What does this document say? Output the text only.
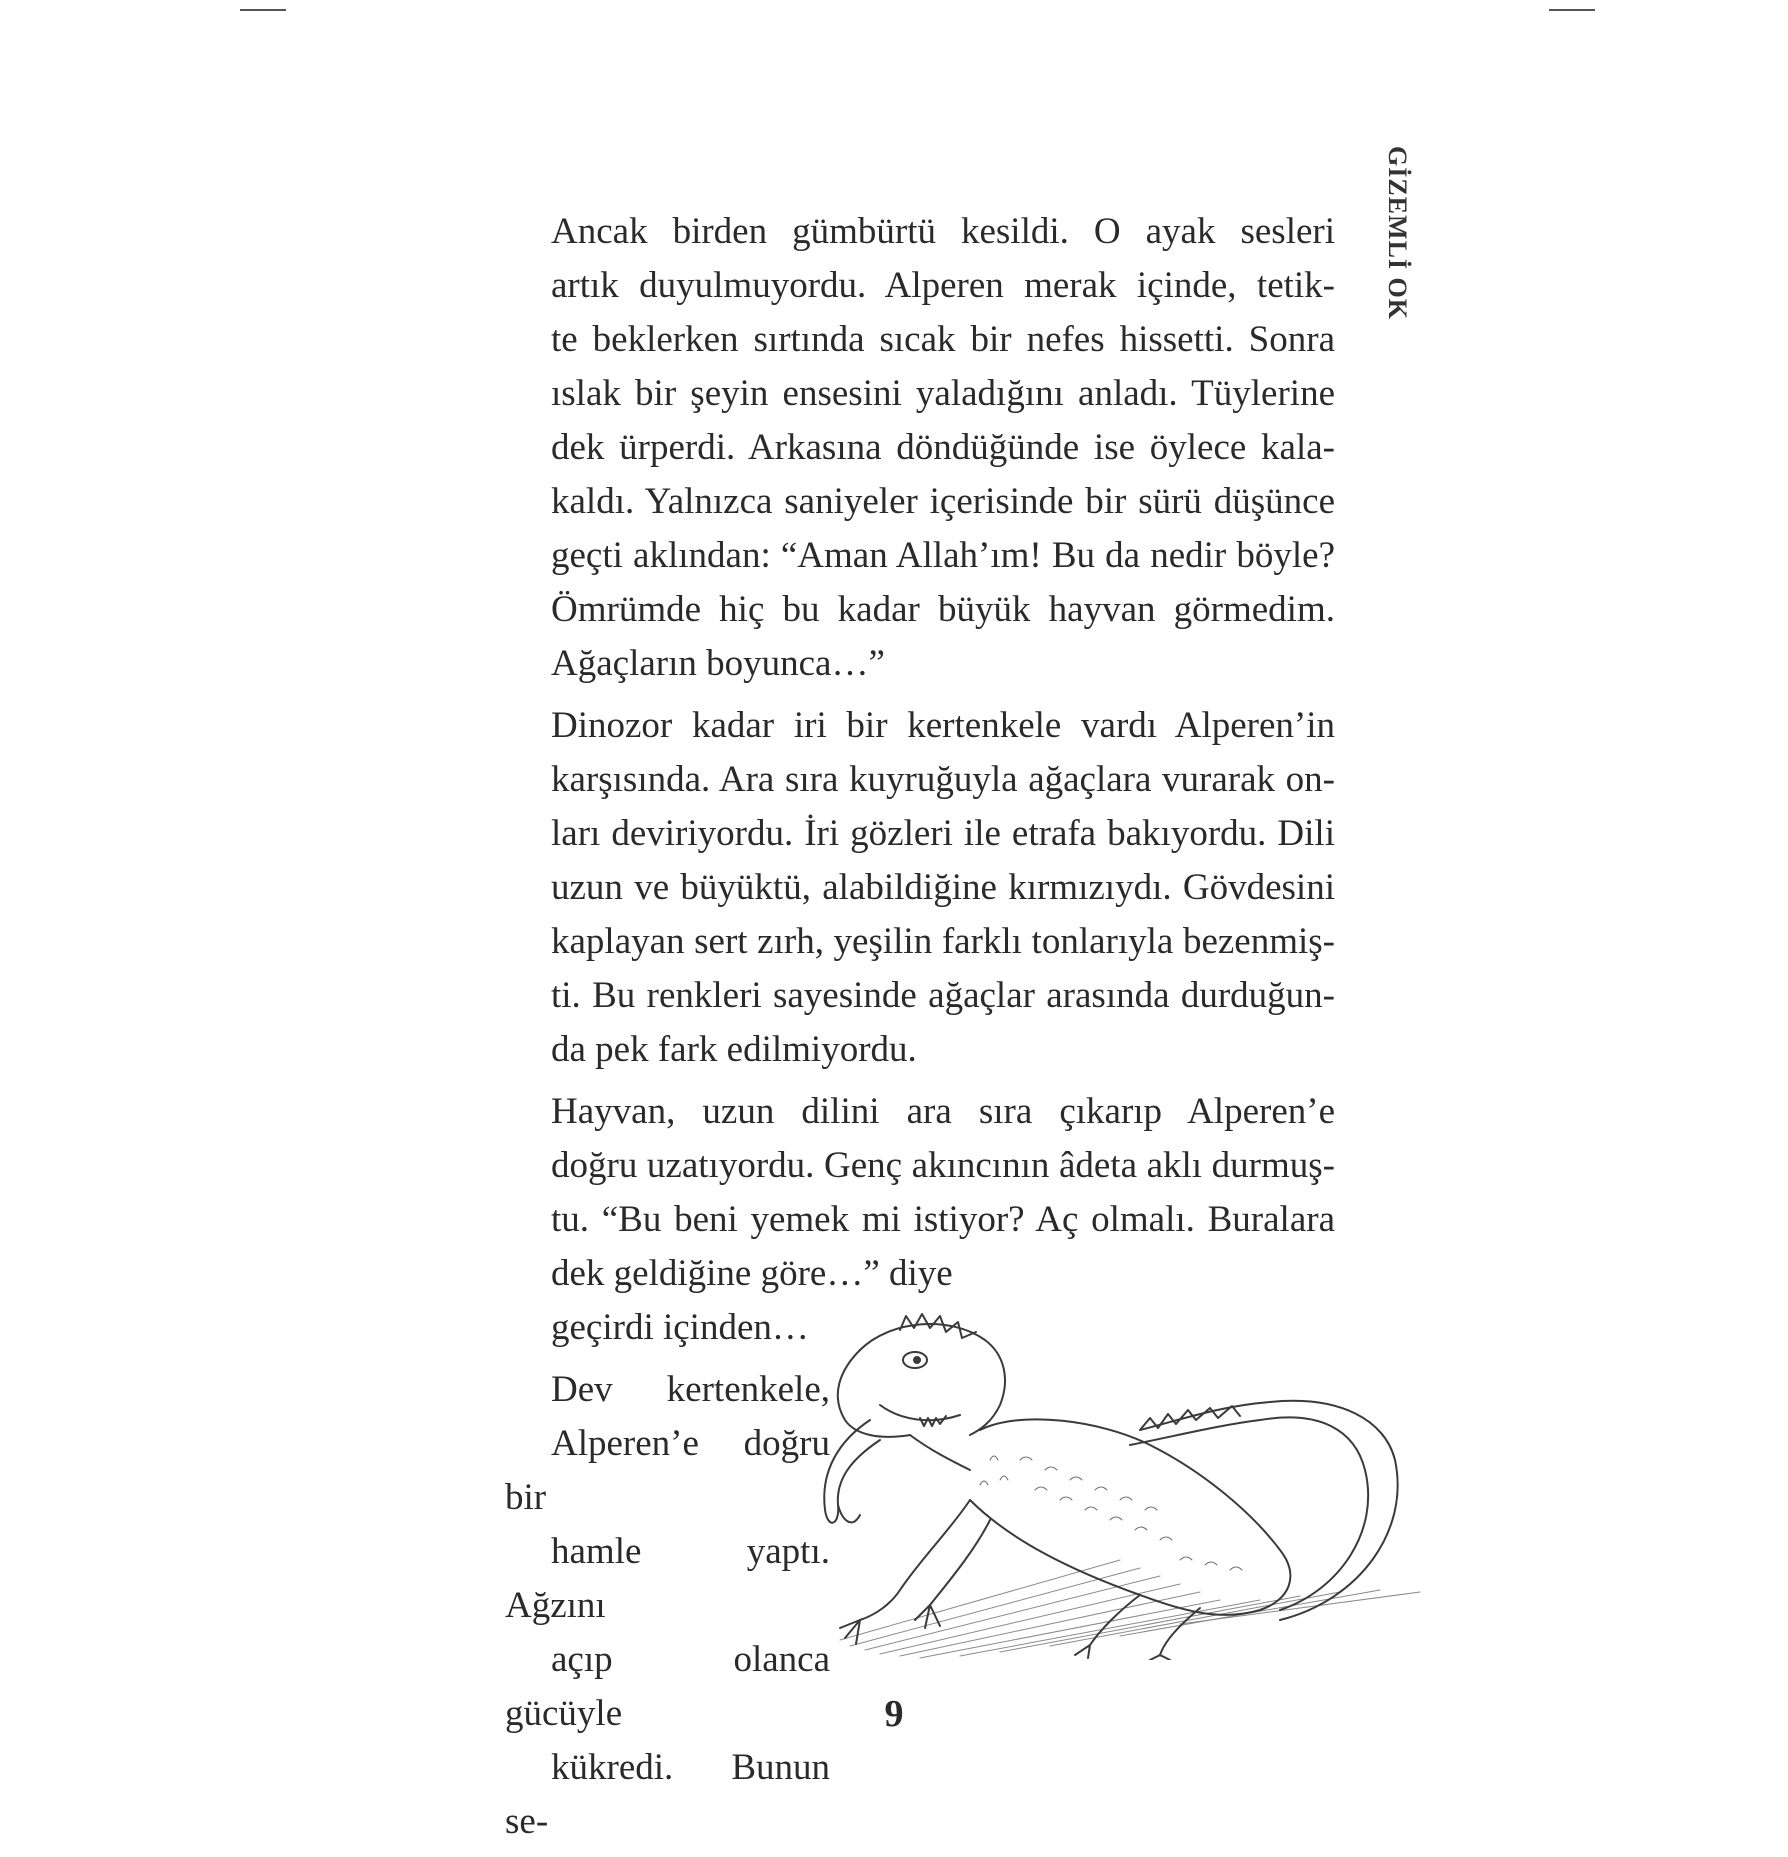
GİZEMLİ OK

Ancak birden gümbürtü kesildi. O ayak sesleri
artık duyulmuyordu. Alperen merak içinde, tetik-
te beklerken sırtında sıcak bir nefes hissetti. Sonra
ıslak bir şeyin ensesini yaladığını anladı. Tüylerine
dek ürperdi. Arkasına döndüğünde ise öylece kala-
kaldı. Yalnızca saniyeler içerisinde bir sürü düşünce
geçti aklından: “Aman Allah’ım! Bu da nedir böyle?
Ömrümde hiç bu kadar büyük hayvan görmedim.
Ağaçların boyunca…”

Dinozor kadar iri bir kertenkele vardı Alperen’in
karşısında. Ara sıra kuyruğuyla ağaçlara vurarak on-
ları deviriyordu. İri gözleri ile etrafa bakıyordu. Dili
uzun ve büyüktü, alabildiğine kırmızıydı. Gövdesini
kaplayan sert zırh, yeşilin farklı tonlarıyla bezenmiş-
ti. Bu renkleri sayesinde ağaçlar arasında durduğun-
da pek fark edilmiyordu.

Hayvan, uzun dilini ara sıra çıkarıp Alperen’e
doğru uzatıyordu. Genç akıncının âdeta aklı durmuş-
tu. “Bu beni yemek mi istiyor? Aç olmalı. Buralara
dek geldiğine göre…” diye
geçirdi içinden…

Dev kertenkele,
Alperen’e doğru bir
hamle yaptı. Ağzını
açıp olanca gücüyle
kükredi. Bunun se-

9
